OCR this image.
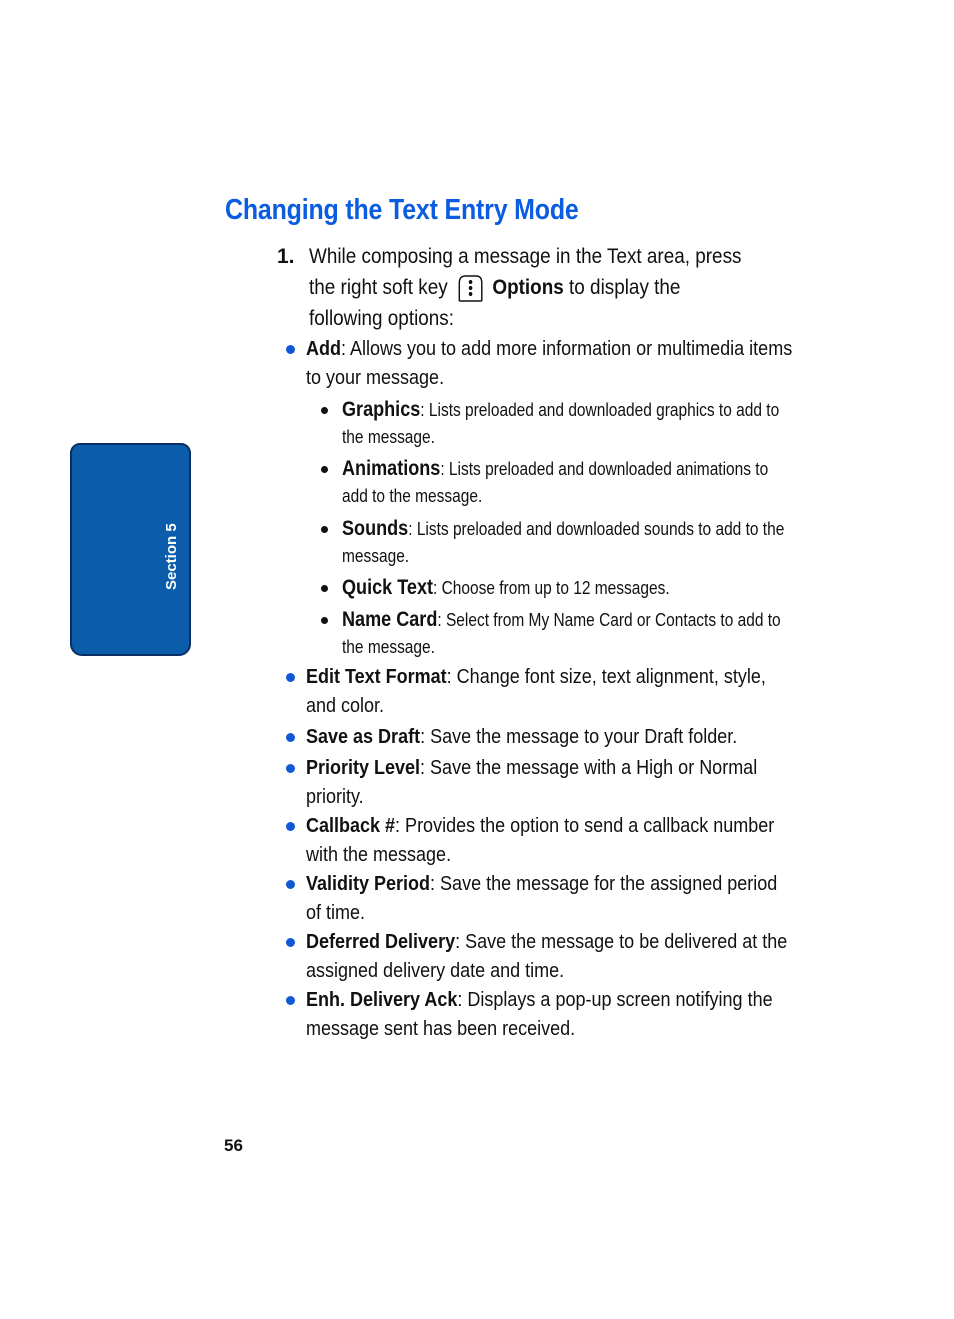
Changing the Text Entry Mode
Section 5
1. While composing a message in the Text area, press the right soft key Options to display the following options:
Add: Allows you to add more information or multimedia items to your message.
Graphics: Lists preloaded and downloaded graphics to add to the message.
Animations: Lists preloaded and downloaded animations to add to the message.
Sounds: Lists preloaded and downloaded sounds to add to the message.
Quick Text: Choose from up to 12 messages.
Name Card: Select from My Name Card or Contacts to add to the message.
Edit Text Format: Change font size, text alignment, style, and color.
Save as Draft: Save the message to your Draft folder.
Priority Level: Save the message with a High or Normal priority.
Callback #: Provides the option to send a callback number with the message.
Validity Period: Save the message for the assigned period of time.
Deferred Delivery: Save the message to be delivered at the assigned delivery date and time.
Enh. Delivery Ack: Displays a pop-up screen notifying the message sent has been received.
56
